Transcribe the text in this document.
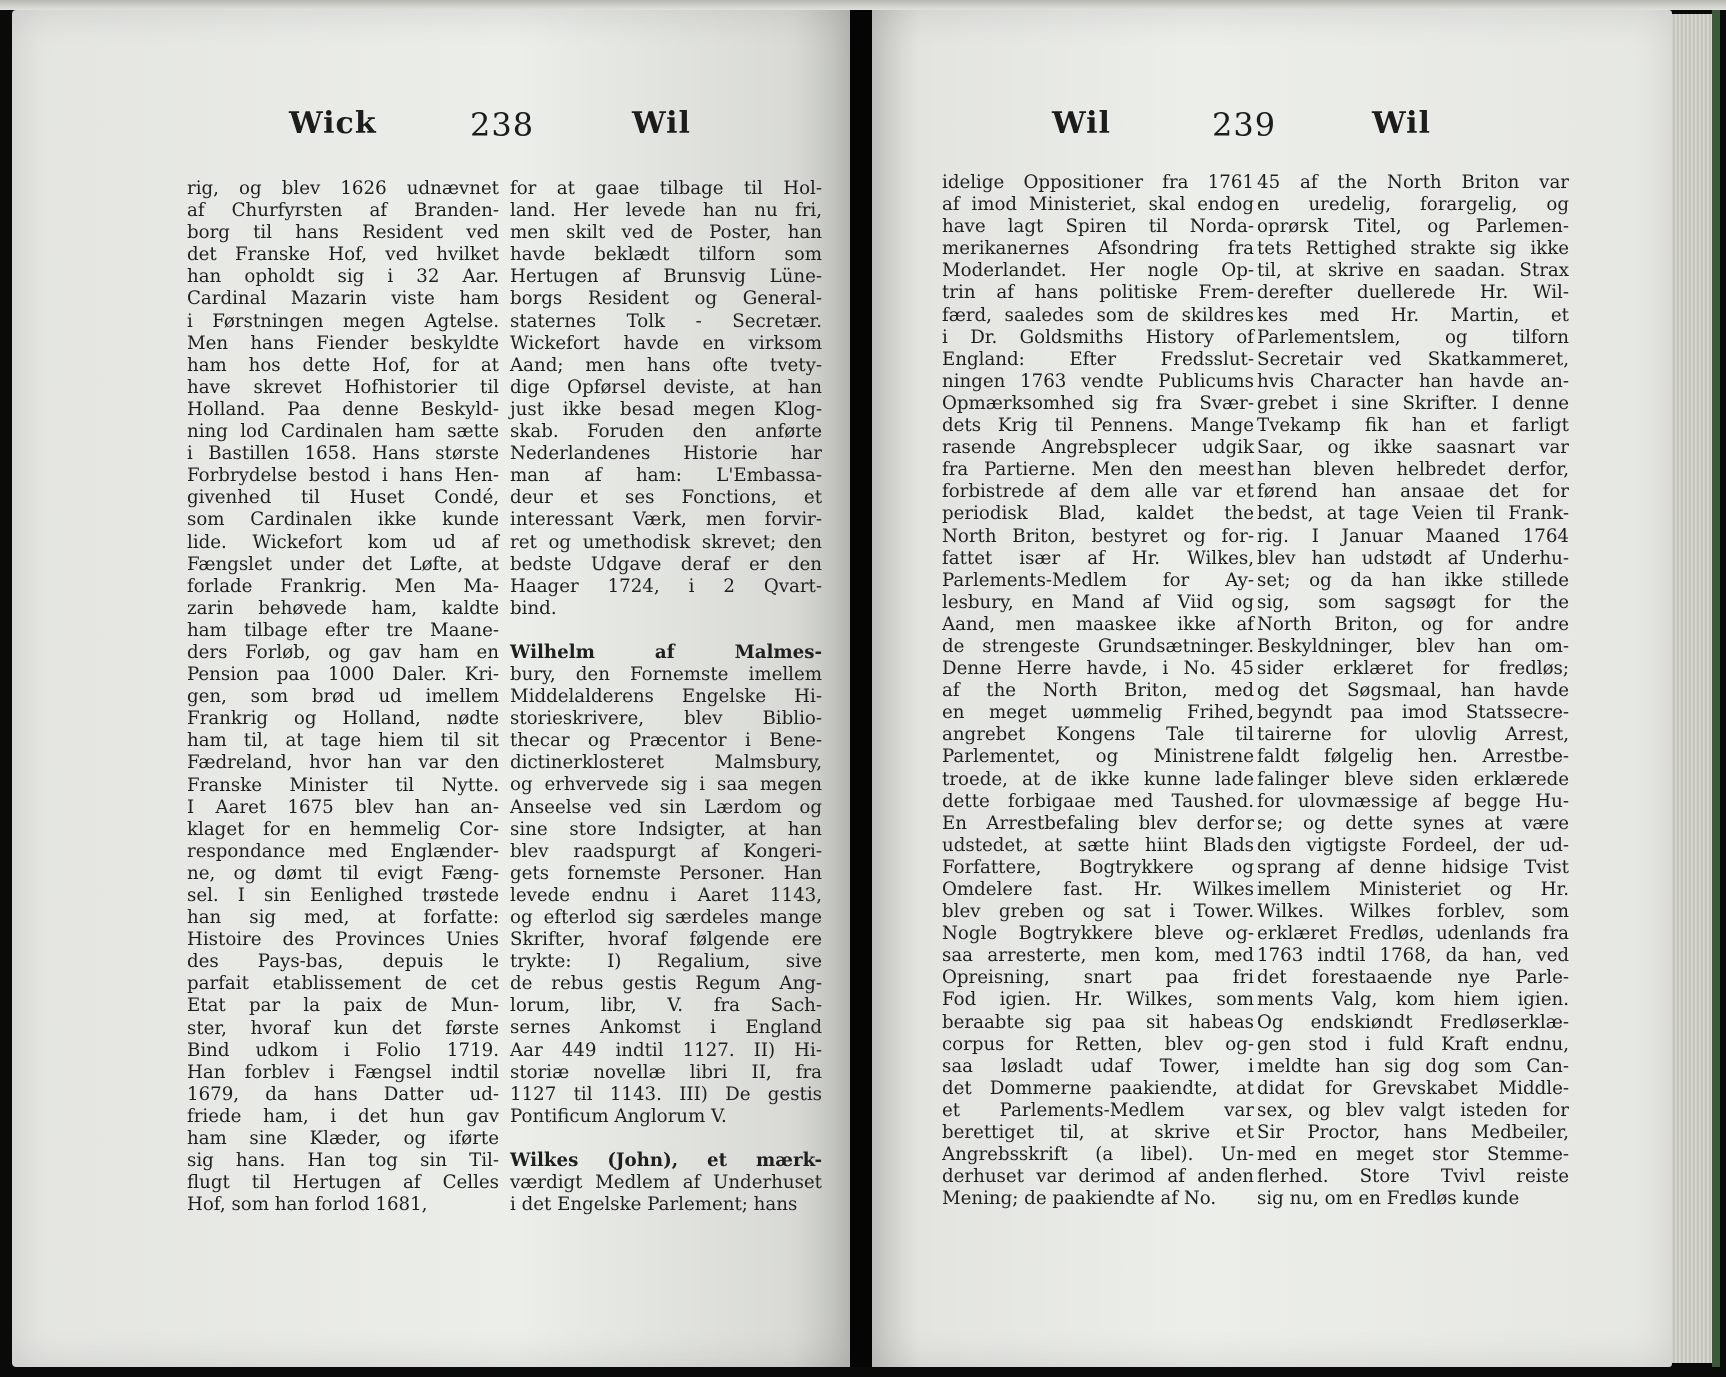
Wick	238	Wil
rig, og blev 1626 udnævnet
af Churfyrsten af Branden-
borg til hans Resident ved
det Franske Hof, ved hvilket
han opholdt sig i 32 Aar.
Cardinal Mazarin viste ham
i Førstningen megen Agtelse.
Men hans Fiender beskyldte
ham hos dette Hof, for at
have skrevet Hofhistorier til
Holland. Paa denne Beskyld-
ning lod Cardinalen ham sætte
i Bastillen 1658. Hans største
Forbrydelse bestod i hans Hen-
givenhed til Huset Condé,
som Cardinalen ikke kunde
lide. Wickefort kom ud af
Fængslet under det Løfte, at
forlade Frankrig. Men Ma-
zarin behøvede ham, kaldte
ham tilbage efter tre Maane-
ders Forløb, og gav ham en
Pension paa 1000 Daler. Kri-
gen, som brød ud imellem
Frankrig og Holland, nødte
ham til, at tage hiem til sit
Fædreland, hvor han var den
Franske Minister til Nytte.
I Aaret 1675 blev han an-
klaget for en hemmelig Cor-
respondance med Englænder-
ne, og dømt til evigt Fæng-
sel. I sin Eenlighed trøstede
han sig med, at forfatte:
Histoire des Provinces Unies
des Pays-bas, depuis le
parfait etablissement de cet
Etat par la paix de Mun-
ster, hvoraf kun det første
Bind udkom i Folio 1719.
Han forblev i Fængsel indtil
1679, da hans Datter ud-
friede ham, i det hun gav
ham sine Klæder, og iførte
sig hans. Han tog sin Til-
flugt til Hertugen af Celles
Hof, som han forlod 1681,
for at gaae tilbage til Hol-
land. Her levede han nu fri,
men skilt ved de Poster, han
havde beklædt tilforn som
Hertugen af Brunsvig Lüne-
borgs Resident og General-
staternes Tolk - Secretær.
Wickefort havde en virksom
Aand; men hans ofte tvety-
dige Opførsel deviste, at han
just ikke besad megen Klog-
skab. Foruden den anførte
Nederlandenes Historie har
man af ham: L'Embassa-
deur et ses Fonctions, et
interessant Værk, men forvir-
ret og umethodisk skrevet; den
bedste Udgave deraf er den
Haager 1724, i 2 Qvart-
bind.
Wilhelm af Malmes-
bury, den Fornemste imellem
Middelalderens Engelske Hi-
storieskrivere, blev Biblio-
thecar og Præcentor i Bene-
dictinerklosteret Malmsbury,
og erhvervede sig i saa megen
Anseelse ved sin Lærdom og
sine store Indsigter, at han
blev raadspurgt af Kongeri-
gets fornemste Personer. Han
levede endnu i Aaret 1143,
og efterlod sig særdeles mange
Skrifter, hvoraf følgende ere
trykte: I) Regalium, sive
de rebus gestis Regum Ang-
lorum, libr, V. fra Sach-
sernes Ankomst i England
Aar 449 indtil 1127. II) Hi-
storiæ novellæ libri II, fra
1127 til 1143. III) De gestis
Pontificum Anglorum V.
Wilkes (John), et mærk-
værdigt Medlem af Underhuset
i det Engelske Parlement; hans
Wil	239	Wil
idelige Oppositioner fra 1761
af imod Ministeriet, skal endog
have lagt Spiren til Norda-
merikanernes Afsondring fra
Moderlandet. Her nogle Op-
trin af hans politiske Frem-
færd, saaledes som de skildres
i Dr. Goldsmiths History of
England: Efter Fredsslut-
ningen 1763 vendte Publicums
Opmærksomhed sig fra Svær-
dets Krig til Pennens. Mange
rasende Angrebsplecer udgik
fra Partierne. Men den meest
forbistrede af dem alle var et
periodisk Blad, kaldet the
North Briton, bestyret og for-
fattet især af Hr. Wilkes,
Parlements-Medlem for Ay-
lesbury, en Mand af Viid og
Aand, men maaskee ikke af
de strengeste Grundsætninger.
Denne Herre havde, i No. 45
af the North Briton, med
en meget uømmelig Frihed,
angrebet Kongens Tale til
Parlementet, og Ministrene
troede, at de ikke kunne lade
dette forbigaae med Taushed.
En Arrestbefaling blev derfor
udstedet, at sætte hiint Blads
Forfattere, Bogtrykkere og
Omdelere fast. Hr. Wilkes
blev greben og sat i Tower.
Nogle Bogtrykkere bleve og-
saa arresterte, men kom, med
Opreisning, snart paa fri
Fod igien. Hr. Wilkes, som
beraabte sig paa sit habeas
corpus for Retten, blev og-
saa løsladt udaf Tower, i
det Dommerne paakiendte, at
et Parlements-Medlem var
berettiget til, at skrive et
Angrebsskrift (a libel). Un-
derhuset var derimod af anden
Mening; de paakiendte af No.
45 af the North Briton var
en uredelig, forargelig, og
oprørsk Titel, og Parlemen-
tets Rettighed strakte sig ikke
til, at skrive en saadan. Strax
derefter duellerede Hr. Wil-
kes med Hr. Martin, et
Parlementslem, og tilforn
Secretair ved Skatkammeret,
hvis Character han havde an-
grebet i sine Skrifter. I denne
Tvekamp fik han et farligt
Saar, og ikke saasnart var
han bleven helbredet derfor,
førend han ansaae det for
bedst, at tage Veien til Frank-
rig. I Januar Maaned 1764
blev han udstødt af Underhu-
set; og da han ikke stillede
sig, som sagsøgt for the
North Briton, og for andre
Beskyldninger, blev han om-
sider erklæret for fredløs;
og det Søgsmaal, han havde
begyndt paa imod Statssecre-
tairerne for ulovlig Arrest,
faldt følgelig hen. Arrestbe-
falinger bleve siden erklærede
for ulovmæssige af begge Hu-
se; og dette synes at være
den vigtigste Fordeel, der ud-
sprang af denne hidsige Tvist
imellem Ministeriet og Hr.
Wilkes. Wilkes forblev, som
erklæret Fredløs, udenlands fra
1763 indtil 1768, da han, ved
det forestaaende nye Parle-
ments Valg, kom hiem igien.
Og endskiøndt Fredløserklæ-
gen stod i fuld Kraft endnu,
meldte han sig dog som Can-
didat for Grevskabet Middle-
sex, og blev valgt isteden for
Sir Proctor, hans Medbeiler,
med en meget stor Stemme-
flerhed. Store Tvivl reiste
sig nu, om en Fredløs kunde
